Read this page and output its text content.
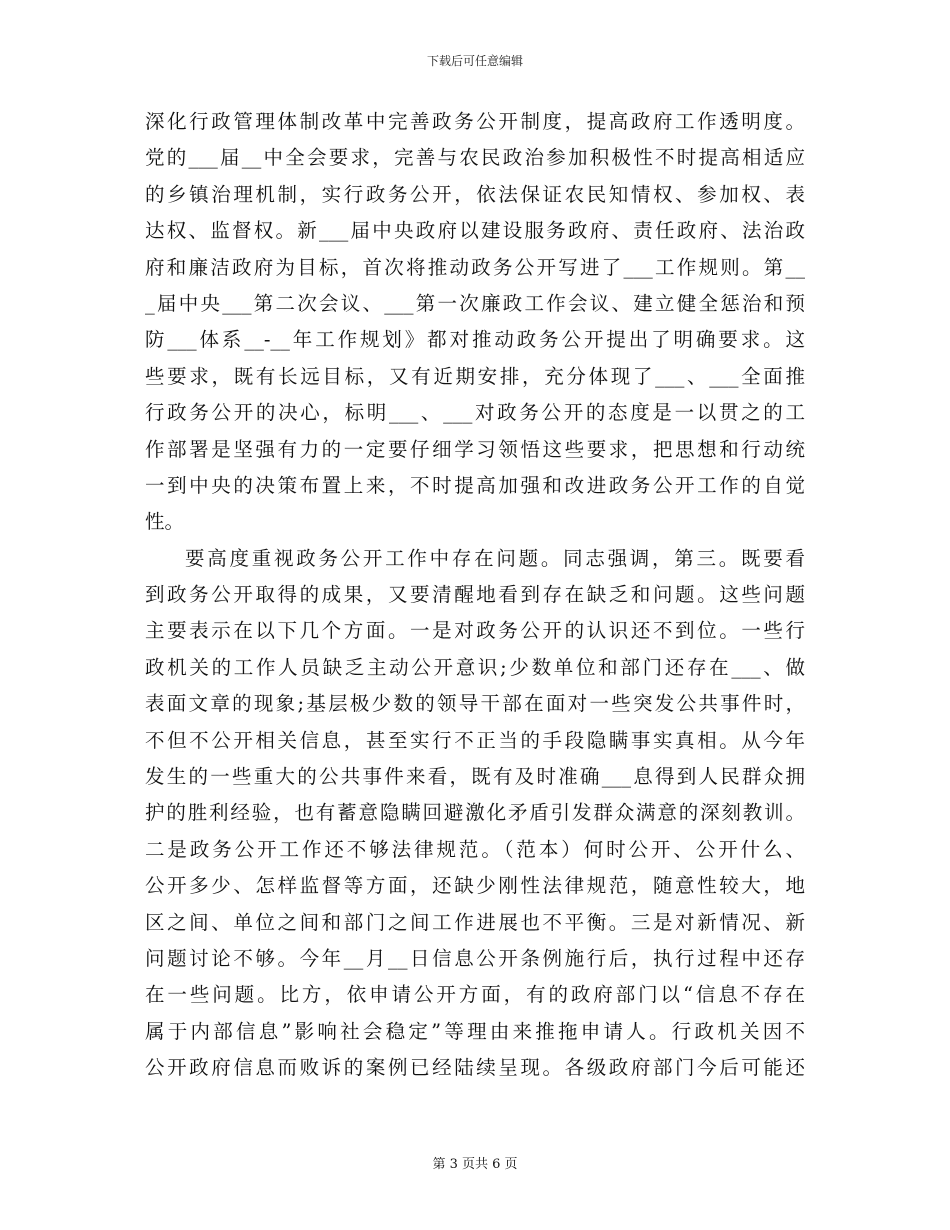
下载后可任意编辑
深化行政管理体制改革中完善政务公开制度，提高政府工作透明度。
党的___届__中全会要求，完善与农民政治参加积极性不时提高相适应
的乡镇治理机制，实行政务公开，依法保证农民知情权、参加权、表
达权、监督权。新___届中央政府以建设服务政府、责任政府、法治政
府和廉洁政府为目标，首次将推动政务公开写进了___工作规则。第__
_届中央___第二次会议、___第一次廉政工作会议、建立健全惩治和预
防___体系__-__年工作规划》都对推动政务公开提出了明确要求。这
些要求，既有长远目标，又有近期安排，充分体现了___、___全面推
行政务公开的决心，标明___、___对政务公开的态度是一以贯之的工
作部署是坚强有力的一定要仔细学习领悟这些要求，把思想和行动统
一到中央的决策布置上来，不时提高加强和改进政务公开工作的自觉
性。
要高度重视政务公开工作中存在问题。同志强调，第三。既要看
到政务公开取得的成果，又要清醒地看到存在缺乏和问题。这些问题
主要表示在以下几个方面。一是对政务公开的认识还不到位。一些行
政机关的工作人员缺乏主动公开意识;少数单位和部门还存在___、做
表面文章的现象;基层极少数的领导干部在面对一些突发公共事件时，
不但不公开相关信息，甚至实行不正当的手段隐瞒事实真相。从今年
发生的一些重大的公共事件来看，既有及时准确___息得到人民群众拥
护的胜利经验，也有蓄意隐瞒回避激化矛盾引发群众满意的深刻教训。
二是政务公开工作还不够法律规范。（范本）何时公开、公开什么、
公开多少、怎样监督等方面，还缺少刚性法律规范，随意性较大，地
区之间、单位之间和部门之间工作进展也不平衡。三是对新情况、新
问题讨论不够。今年__月__日信息公开条例施行后，执行过程中还存
在一些问题。比方，依申请公开方面，有的政府部门以“信息不存在
属于内部信息”影响社会稳定”等理由来推拖申请人。行政机关因不
公开政府信息而败诉的案例已经陆续呈现。各级政府部门今后可能还
第 3 页共 6 页
